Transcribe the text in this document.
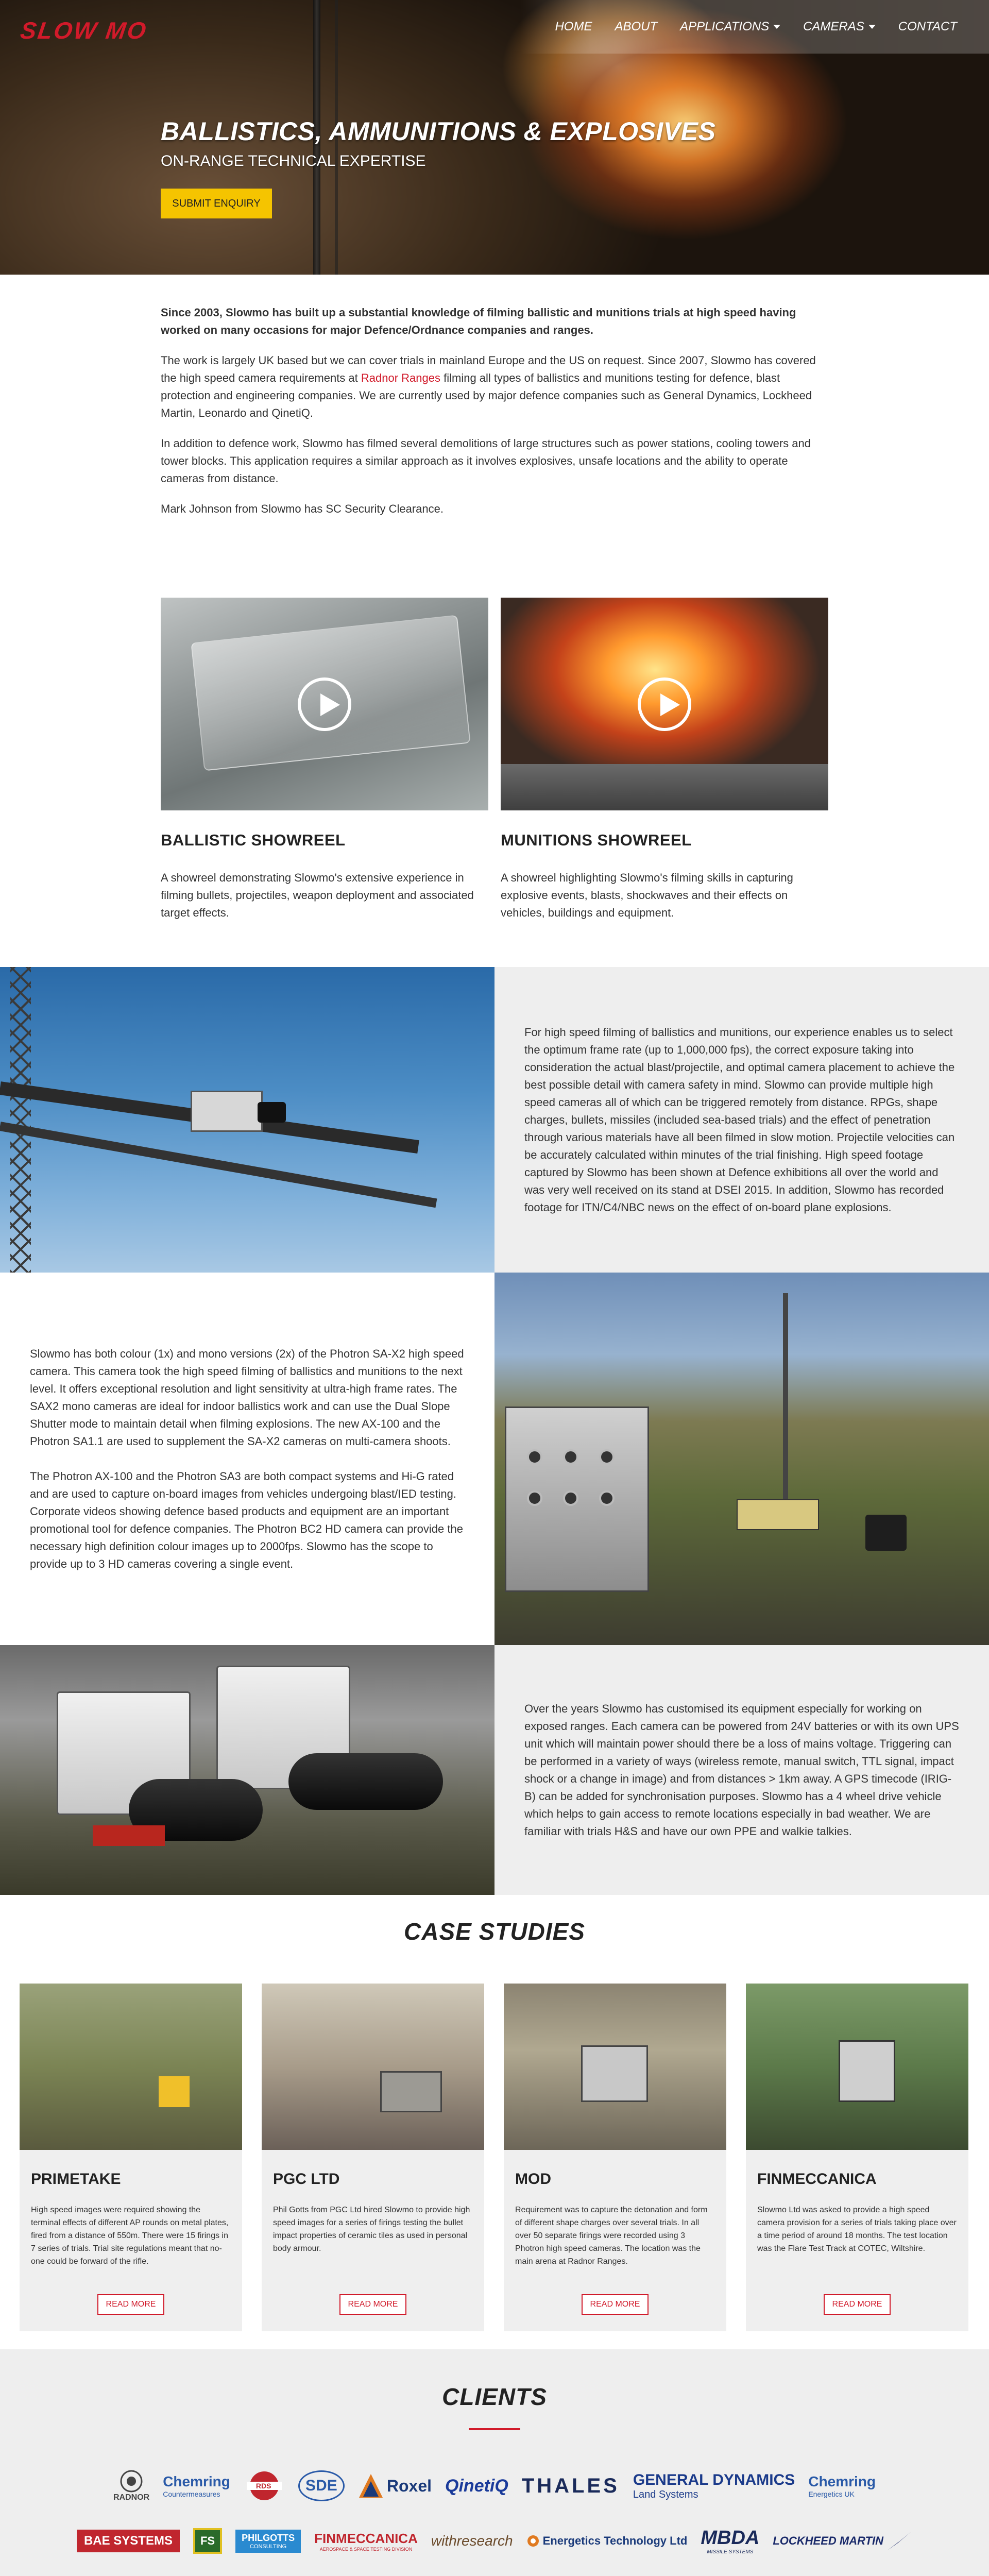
SLOW MO	HOME ABOUT APPLICATIONS	CAMERAS	CONTACT
BALLISTICS, AMMUNITIONS & EXPLOSIVES
ON-RANGE TECHNICAL EXPERTISE
SUBMIT ENQUIRY

Since 2003, Slowmo has built up a substantial knowledge of filming ballistic and munitions trials at high speed having worked on many occasions for major Defence/Ordnance companies and ranges.

The work is largely UK based but we can cover trials in mainland Europe and the US on request. Since 2007, Slowmo has covered the high speed camera requirements at Radnor Ranges filming all types of ballistics and munitions testing for defence, blast protection and engineering companies. We are currently used by major defence companies such as General Dynamics, Lockheed Martin, Leonardo and QinetiQ.

In addition to defence work, Slowmo has filmed several demolitions of large structures such as power stations, cooling towers and tower blocks. This application requires a similar approach as it involves explosives, unsafe locations and the ability to operate cameras from distance.

Mark Johnson from Slowmo has SC Security Clearance.

BALLISTIC SHOWREEL

A showreel demonstrating Slowmo's extensive experience in filming bullets, projectiles, weapon deployment and associated target effects.

MUNITIONS SHOWREEL

A showreel highlighting Slowmo's filming skills in capturing explosive events, blasts, shockwaves and their effects on vehicles, buildings and equipment.

For high speed filming of ballistics and munitions, our experience enables us to select the optimum frame rate (up to 1,000,000 fps), the correct exposure taking into consideration the actual blast/projectile, and optimal camera placement to achieve the best possible detail with camera safety in mind. Slowmo can provide multiple high speed cameras all of which can be triggered remotely from distance. RPGs, shape charges, bullets, missiles (included sea-based trials) and the effect of penetration through various materials have all been filmed in slow motion. Projectile velocities can be accurately calculated within minutes of the trial finishing. High speed footage captured by Slowmo has been shown at Defence exhibitions all over the world and was very well received on its stand at DSEI 2015. In addition, Slowmo has recorded footage for ITN/C4/NBC news on the effect of on-board plane explosions.

Slowmo has both colour (1x) and mono versions (2x) of the Photron SA-X2 high speed camera. This camera took the high speed filming of ballistics and munitions to the next level. It offers exceptional resolution and light sensitivity at ultra-high frame rates. The SAX2 mono cameras are ideal for indoor ballistics work and can use the Dual Slope Shutter mode to maintain detail when filming explosions. The new AX-100 and the Photron SA1.1 are used to supplement the SA-X2 cameras on multi-camera shoots.

The Photron AX-100 and the Photron SA3 are both compact systems and Hi-G rated and are used to capture on-board images from vehicles undergoing blast/IED testing. Corporate videos showing defence based products and equipment are an important promotional tool for defence companies. The Photron BC2 HD camera can provide the necessary high definition colour images up to 2000fps. Slowmo has the scope to provide up to 3 HD cameras covering a single event.

Over the years Slowmo has customised its equipment especially for working on exposed ranges. Each camera can be powered from 24V batteries or with its own UPS unit which will maintain power should there be a loss of mains voltage. Triggering can be performed in a variety of ways (wireless remote, manual switch, TTL signal, impact shock or a change in image) and from distances > 1km away. A GPS timecode (IRIG-B) can be added for synchronisation purposes. Slowmo has a 4 wheel drive vehicle which helps to gain access to remote locations especially in bad weather. We are familiar with trials H&S and have our own PPE and walkie talkies.

CASE STUDIES
PRIMETAKE

High speed images were required showing the terminal effects of different AP rounds on metal plates, fired from a distance of 550m. There were 15 firings in 7 series of trials. Trial site regulations meant that no-one could be forward of the rifle.

READ MORE
PGC LTD

Phil Gotts from PGC Ltd hired Slowmo to provide high speed images for a series of firings testing the bullet impact properties of ceramic tiles as used in personal body armour.

READ MORE
MOD

Requirement was to capture the detonation and form of different shape charges over several trials. In all over 50 separate firings were recorded using 3 Photron high speed cameras. The location was the main arena at Radnor Ranges.

READ MORE
FINMECCANICA

Slowmo Ltd was asked to provide a high speed camera provision for a series of trials taking place over a time period of around 18 months. The test location was the Flare Test Track at COTEC, Wiltshire.

READ MORE
CLIENTS
RADNOR
Chemring
Countermeasures
RDS SDE	Roxel QinetiQ THALES GENERAL DYNAMICS
Land Systems
Chemring
Energetics UK
BAE SYSTEMS FS	PHILGOTTS
CONSULTING
FINMECCANICA
AEROSPACE & SPACE TESTING DIVISION
withresearch	Energetics Technology Ltd MBDA
MISSILE SYSTEMS
LOCKHEED MARTIN
